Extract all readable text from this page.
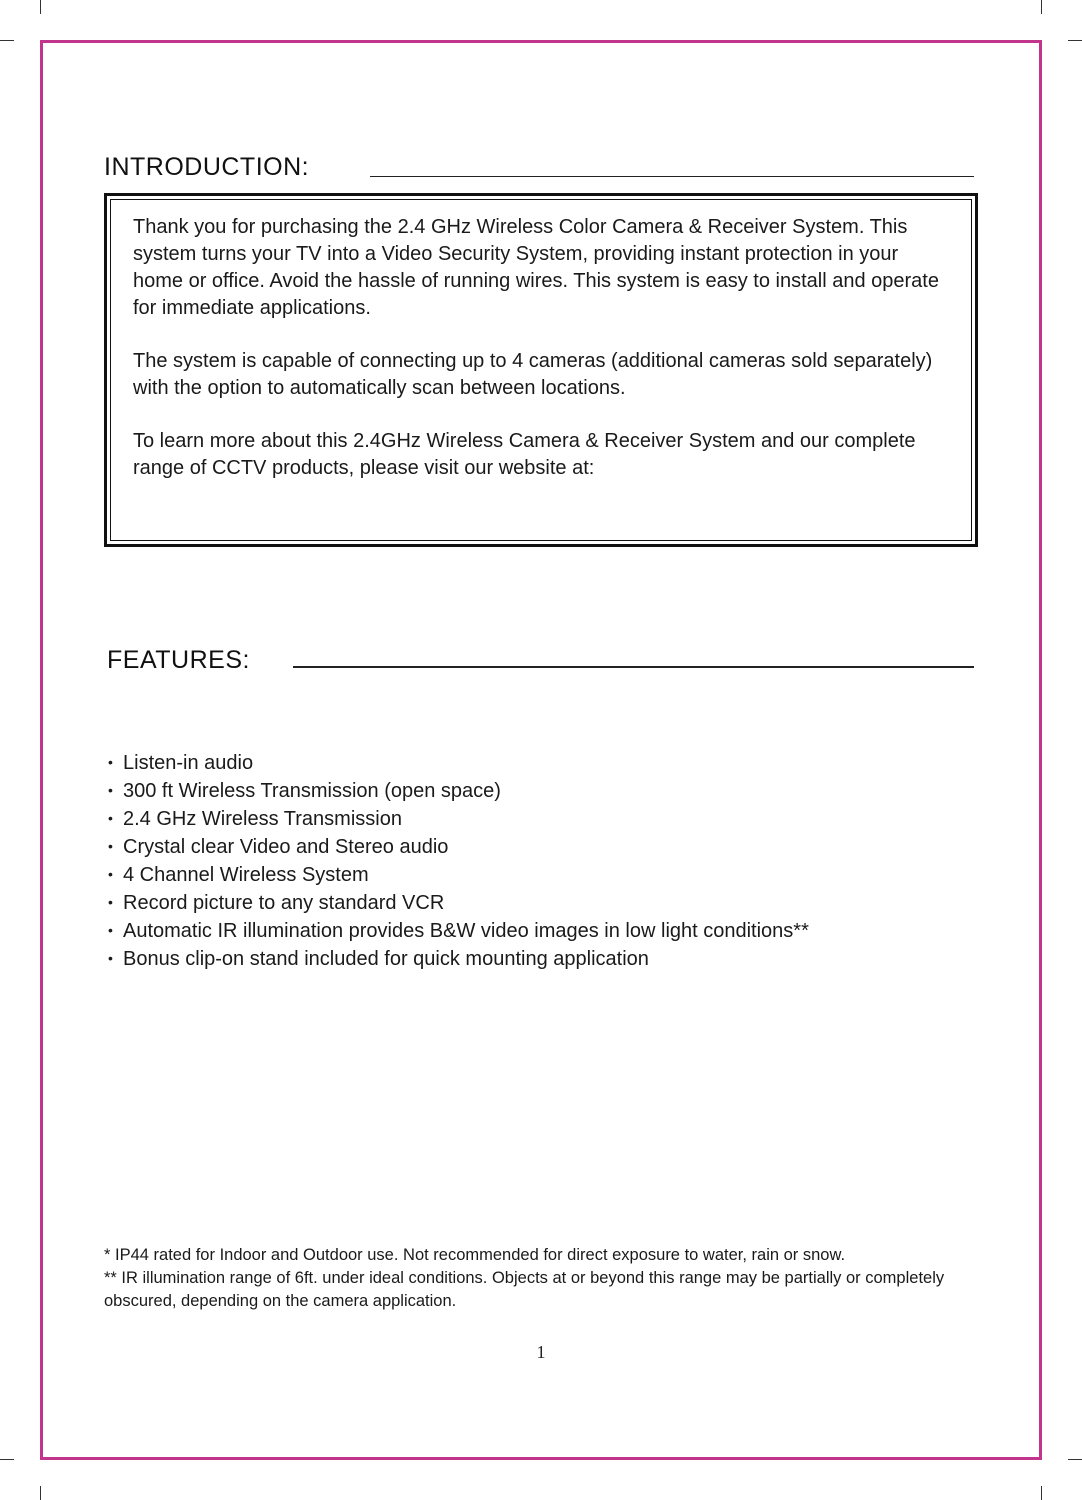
INTRODUCTION:

Thank you for purchasing the 2.4 GHz Wireless Color Camera & Receiver System. This system turns your TV into a Video Security System, providing instant protection in your home or office. Avoid the hassle of running wires. This system is easy to install and operate for immediate applications.

The system is capable of connecting up to 4 cameras (additional cameras sold separately) with the option to automatically scan between locations.

To learn more about this 2.4GHz Wireless Camera & Receiver System and our complete range of CCTV products, please visit our website at:

FEATURES:
• Listen-in audio
• 300 ft Wireless Transmission (open space)
• 2.4 GHz Wireless Transmission
• Crystal clear Video and Stereo audio
• 4 Channel Wireless System
• Record picture to any standard VCR
• Automatic IR illumination provides B&W video images in low light conditions**
• Bonus clip-on stand included for quick mounting application

* IP44 rated for Indoor and Outdoor use. Not recommended for direct exposure to water, rain or snow.

** IR illumination range of 6ft. under ideal conditions. Objects at or beyond this range may be partially or completely obscured, depending on the camera application.

1
